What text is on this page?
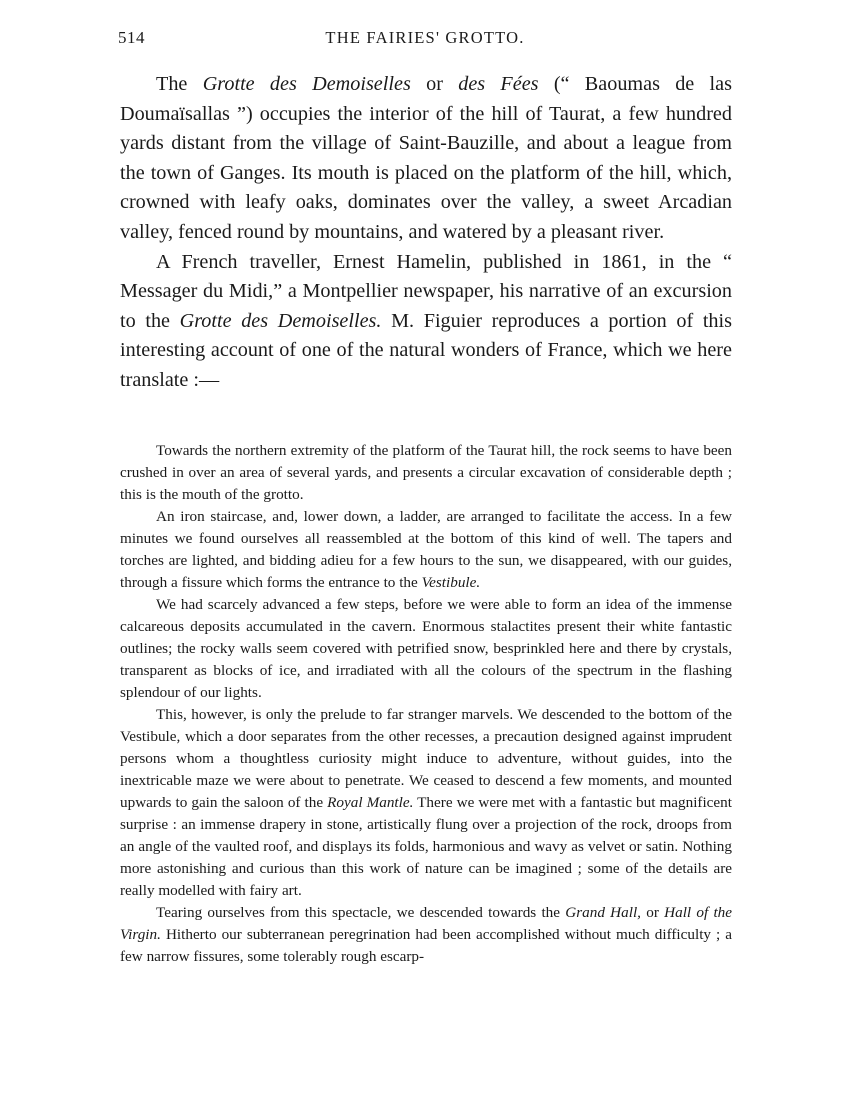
514	THE FAIRIES' GROTTO.

The Grotte des Demoiselles or des Fées (“ Baoumas de las Doumaïsallas ”) occupies the interior of the hill of Taurat, a few hundred yards distant from the village of Saint-Bauzille, and about a league from the town of Ganges. Its mouth is placed on the platform of the hill, which, crowned with leafy oaks, dominates over the valley, a sweet Arcadian valley, fenced round by mountains, and watered by a pleasant river.

A French traveller, Ernest Hamelin, published in 1861, in the “ Messager du Midi,” a Montpellier newspaper, his narrative of an excursion to the Grotte des Demoiselles. M. Figuier reproduces a portion of this interesting account of one of the natural wonders of France, which we here translate :—

Towards the northern extremity of the platform of the Taurat hill, the rock seems to have been crushed in over an area of several yards, and presents a circular excavation of considerable depth ; this is the mouth of the grotto.

An iron staircase, and, lower down, a ladder, are arranged to facilitate the access. In a few minutes we found ourselves all reassembled at the bottom of this kind of well. The tapers and torches are lighted, and bidding adieu for a few hours to the sun, we disappeared, with our guides, through a fissure which forms the entrance to the Vestibule.

We had scarcely advanced a few steps, before we were able to form an idea of the immense calcareous deposits accumulated in the cavern. Enormous stalactites present their white fantastic outlines; the rocky walls seem covered with petrified snow, besprinkled here and there by crystals, transparent as blocks of ice, and irradiated with all the colours of the spectrum in the flashing splendour of our lights.

This, however, is only the prelude to far stranger marvels. We descended to the bottom of the Vestibule, which a door separates from the other recesses, a precaution designed against imprudent persons whom a thoughtless curiosity might induce to adventure, without guides, into the inextricable maze we were about to penetrate. We ceased to descend a few moments, and mounted upwards to gain the saloon of the Royal Mantle. There we were met with a fantastic but magnificent surprise : an immense drapery in stone, artistically flung over a projection of the rock, droops from an angle of the vaulted roof, and displays its folds, harmonious and wavy as velvet or satin. Nothing more astonishing and curious than this work of nature can be imagined ; some of the details are really modelled with fairy art.

Tearing ourselves from this spectacle, we descended towards the Grand Hall, or Hall of the Virgin. Hitherto our subterranean peregrination had been accomplished without much difficulty ; a few narrow fissures, some tolerably rough escarp-
